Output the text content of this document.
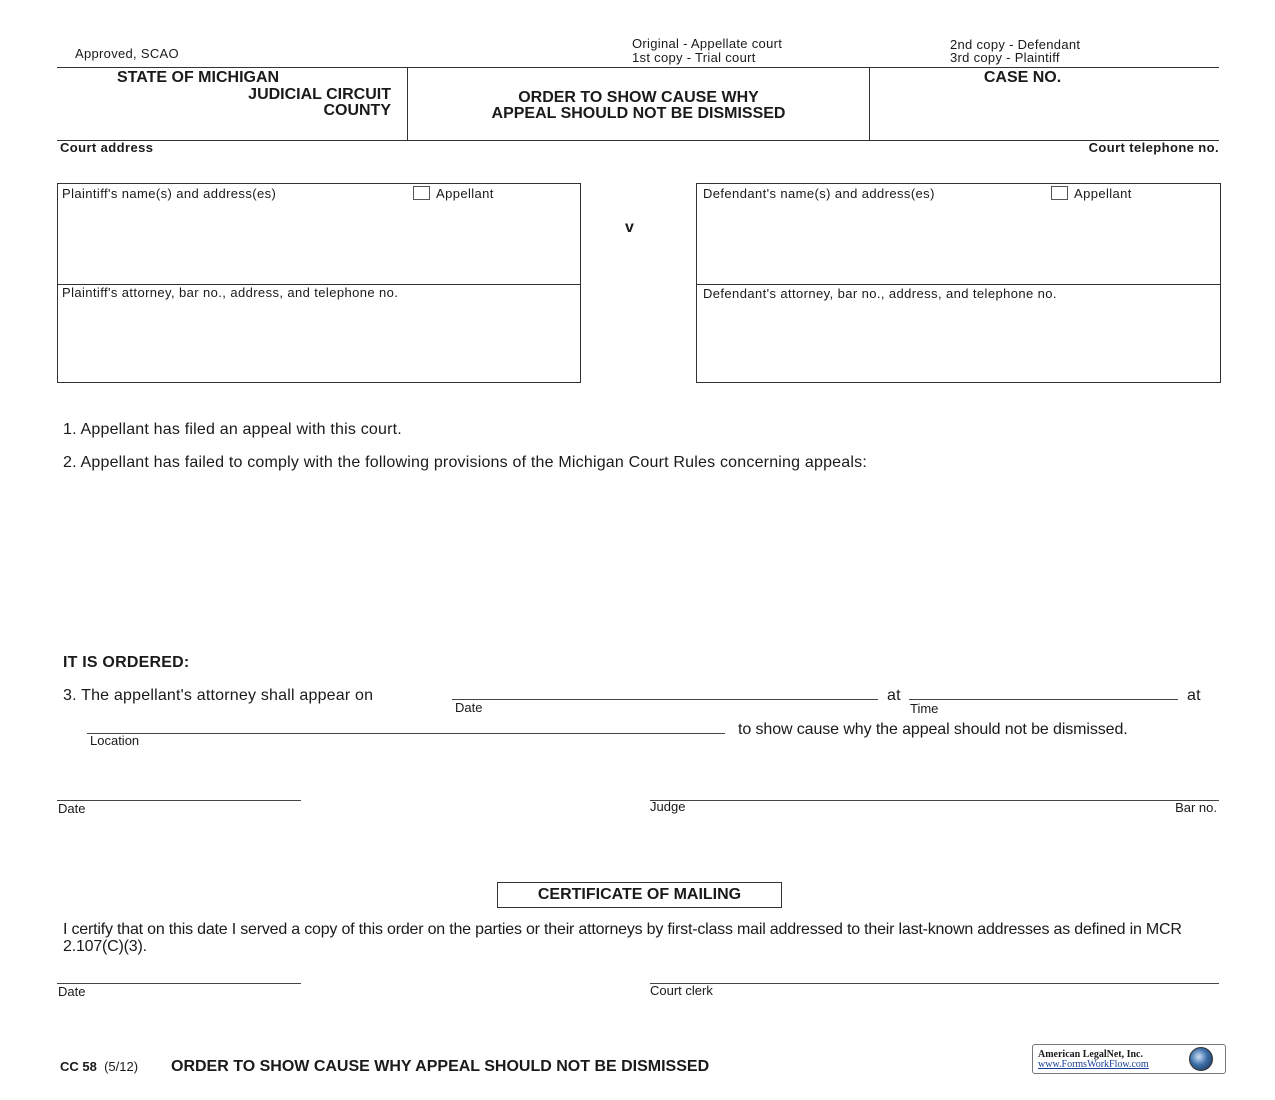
Approved, SCAO
Original - Appellate court
1st copy - Trial court
2nd copy - Defendant
3rd copy - Plaintiff
STATE OF MICHIGAN
JUDICIAL CIRCUIT
COUNTY
ORDER TO SHOW CAUSE WHY
APPEAL SHOULD NOT BE DISMISSED
CASE NO.
Court address	Court telephone no.
Plaintiff's name(s) and address(es)	Appellant
Plaintiff's attorney, bar no., address, and telephone no.
v
Defendant's name(s) and address(es)	Appellant
Defendant's attorney, bar no., address, and telephone no.
1. Appellant has filed an appeal with this court.
2. Appellant has failed to comply with the following provisions of the Michigan Court Rules concerning appeals:
IT IS ORDERED:
3. The appellant's attorney shall appear on
Date
at
Time
at
Location
to show cause why the appeal should not be dismissed.
Date	Judge	Bar no.
CERTIFICATE OF MAILING
I certify that on this date I served a copy of this order on the parties or their attorneys by first-class mail addressed to their last-known addresses as defined in MCR 2.107(C)(3).
Date	Court clerk
CC 58 (5/12) ORDER TO SHOW CAUSE WHY APPEAL SHOULD NOT BE DISMISSED
American LegalNet, Inc.
www.FormsWorkFlow.com
